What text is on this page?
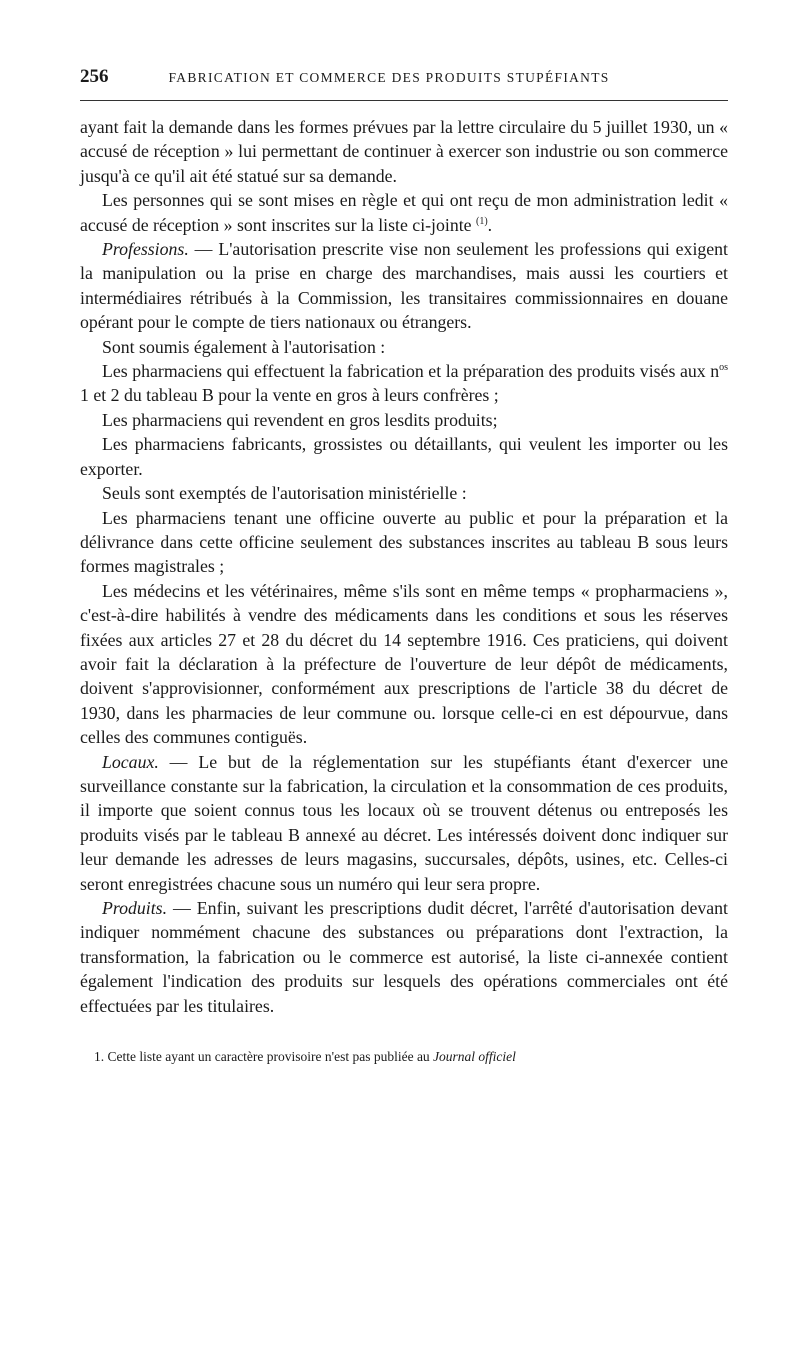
256	FABRICATION ET COMMERCE DES PRODUITS STUPÉFIANTS

ayant fait la demande dans les formes prévues par la lettre circulaire du 5 juillet 1930, un « accusé de réception » lui permettant de continuer à exercer son industrie ou son commerce jusqu'à ce qu'il ait été statué sur sa demande.

Les personnes qui se sont mises en règle et qui ont reçu de mon administration ledit « accusé de réception » sont inscrites sur la liste ci-jointe $^{(1)}$.

Professions. — L'autorisation prescrite vise non seulement les professions qui exigent la manipulation ou la prise en charge des marchandises, mais aussi les courtiers et intermédiaires rétribués à la Commission, les transitaires commissionnaires en douane opérant pour le compte de tiers nationaux ou étrangers.

Sont soumis également à l'autorisation :

Les pharmaciens qui effectuent la fabrication et la préparation des produits visés aux $n^{os}$ 1 et 2 du tableau B pour la vente en gros à leurs confrères ;

Les pharmaciens qui revendent en gros lesdits produits;

Les pharmaciens fabricants, grossistes ou détaillants, qui veulent les importer ou les exporter.

Seuls sont exemptés de l'autorisation ministérielle :

Les pharmaciens tenant une officine ouverte au public et pour la préparation et la délivrance dans cette officine seulement des substances inscrites au tableau B sous leurs formes magistrales ;

Les médecins et les vétérinaires, même s'ils sont en même temps « propharmaciens », c'est-à-dire habilités à vendre des médicaments dans les conditions et sous les réserves fixées aux articles 27 et 28 du décret du 14 septembre 1916. Ces praticiens, qui doivent avoir fait la déclaration à la préfecture de l'ouverture de leur dépôt de médicaments, doivent s'approvisionner, conformément aux prescriptions de l'article 38 du décret de 1930, dans les pharmacies de leur commune ou. lorsque celle-ci en est dépourvue, dans celles des communes contiguës.

Locaux. — Le but de la réglementation sur les stupéfiants étant d'exercer une surveillance constante sur la fabrication, la circulation et la consommation de ces produits, il importe que soient connus tous les locaux où se trouvent détenus ou entreposés les produits visés par le tableau B annexé au décret. Les intéressés doivent donc indiquer sur leur demande les adresses de leurs magasins, succursales, dépôts, usines, etc. Celles-ci seront enregistrées chacune sous un numéro qui leur sera propre.

Produits. — Enfin, suivant les prescriptions dudit décret, l'arrêté d'autorisation devant indiquer nommément chacune des substances ou préparations dont l'extraction, la transformation, la fabrication ou le commerce est autorisé, la liste ci-annexée contient également l'indication des produits sur lesquels des opérations commerciales ont été effectuées par les titulaires.

1. Cette liste ayant un caractère provisoire n'est pas publiée au Journal officiel
